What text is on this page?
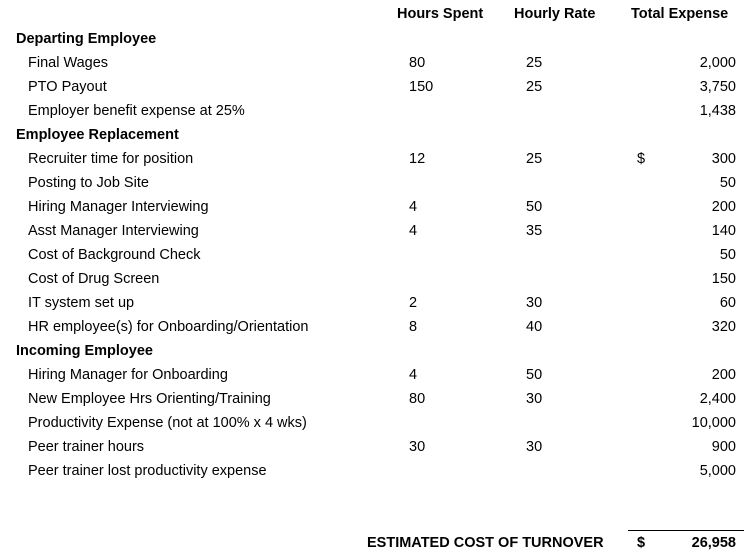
Hours Spent Hourly Rate Total Expense
Departing Employee
Final Wages	80	25	2,000
PTO Payout	150	25	3,750
Employer benefit expense at 25%	1,438
Employee Replacement
Recruiter time for position	12	25	$	300
Posting to Job Site	50
Hiring Manager Interviewing	4	50	200
Asst Manager Interviewing	4	35	140
Cost of Background Check	50
Cost of Drug Screen	150
IT system set up	2	30	60
HR employee(s) for Onboarding/Orientation	8	40	320
Incoming Employee
Hiring Manager for Onboarding	4	50	200
New Employee Hrs Orienting/Training	80	30	2,400
Productivity Expense (not at 100% x 4 wks)	10,000
Peer trainer hours	30	30	900
Peer trainer lost productivity expense	5,000
ESTIMATED COST OF TURNOVER $	26,958
